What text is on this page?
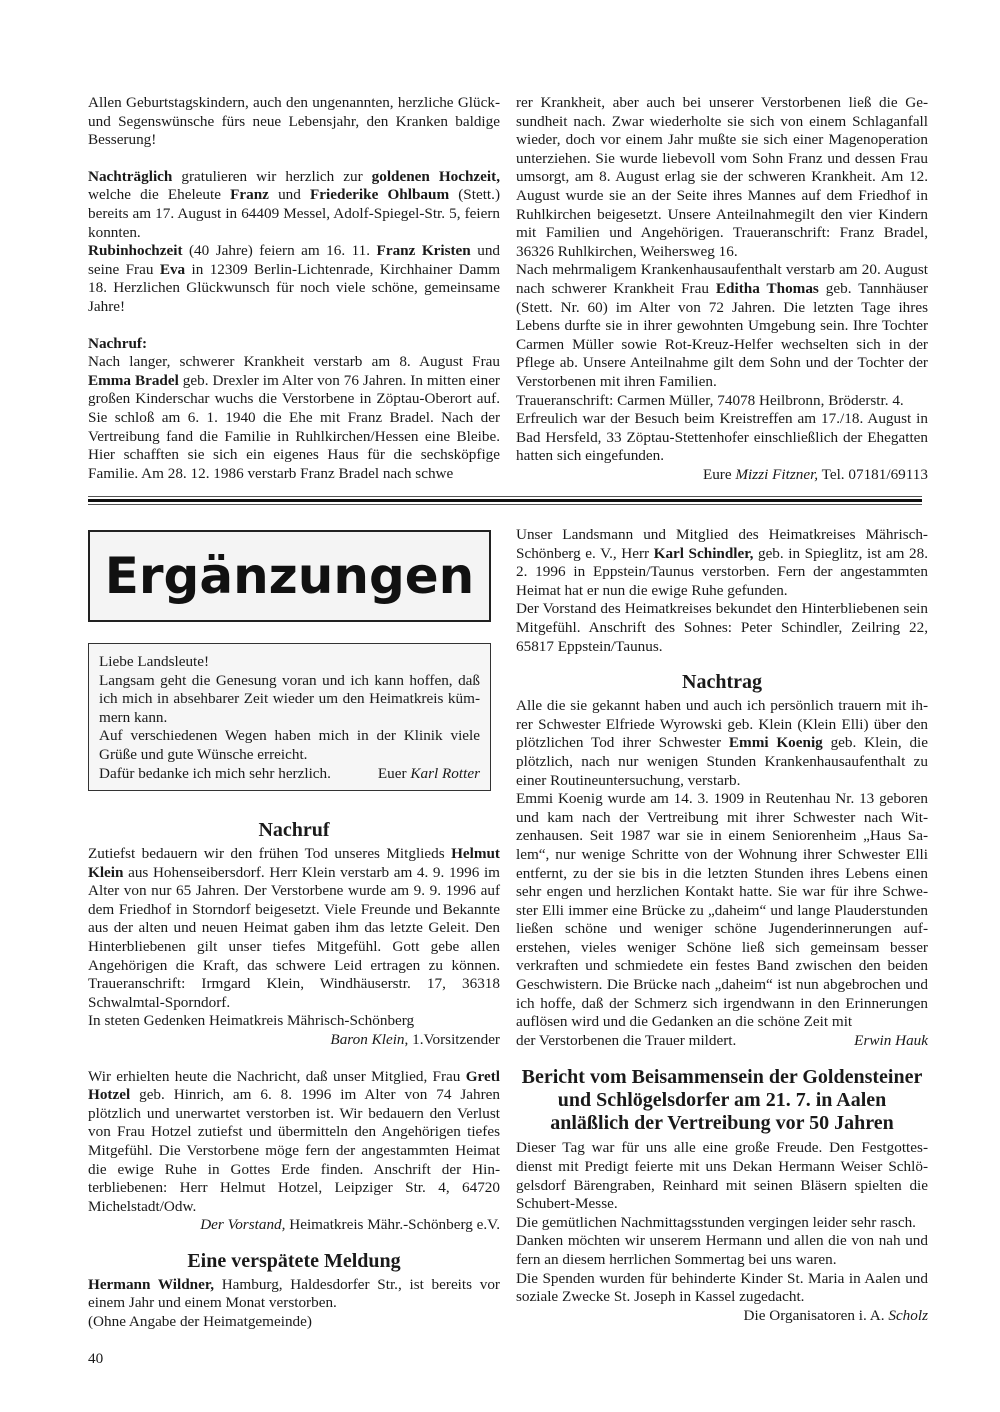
Allen Geburtstagskindern, auch den ungenannten, herzliche Glück- und Segenswünsche fürs neue Lebensjahr, den Kranken baldige Besserung!

Nachträglich gratulieren wir herzlich zur goldenen Hochzeit, welche die Eheleute Franz und Friederike Ohlbaum (Stett.) bereits am 17. August in 64409 Messel, Adolf-Spiegel-Str. 5, feiern konnten.

Rubinhochzeit (40 Jahre) feiern am 16. 11. Franz Kristen und seine Frau Eva in 12309 Berlin-Lichtenrade, Kirchhainer Damm 18. Herzlichen Glückwunsch für noch viele schöne, gemeinsame Jahre!

Nachruf:

Nach langer, schwerer Krankheit verstarb am 8. August Frau Emma Bradel geb. Drexler im Alter von 76 Jahren. In mitten einer großen Kinderschar wuchs die Verstorbene in Zöptau-Oberort auf. Sie schloß am 6. 1. 1940 die Ehe mit Franz Bradel. Nach der Vertreibung fand die Familie in Ruhlkirchen/Hessen eine Bleibe. Hier schafften sie sich ein eigenes Haus für die sechsköpfige Familie. Am 28. 12. 1986 verstarb Franz Bradel nach schwe

rer Krankheit, aber auch bei unserer Verstorbenen ließ die Gesundheit nach. Zwar wiederholte sie sich von einem Schlaganfall wieder, doch vor einem Jahr mußte sie sich einer Magenoperation unterziehen. Sie wurde liebevoll vom Sohn Franz und dessen Frau umsorgt, am 8. August erlag sie der schweren Krankheit. Am 12. August wurde sie an der Seite ihres Mannes auf dem Friedhof in Ruhlkirchen beigesetzt. Unsere Anteilnahmegilt den vier Kindern mit Familien und Angehörigen. Traueranschrift: Franz Bradel, 36326 Ruhlkirchen, Weihersweg 16.

Nach mehrmaligem Krankenhausaufenthalt verstarb am 20. August nach schwerer Krankheit Frau Editha Thomas geb. Tannhäuser (Stett. Nr. 60) im Alter von 72 Jahren. Die letzten Tage ihres Lebens durfte sie in ihrer gewohnten Umgebung sein. Ihre Tochter Carmen Müller sowie Rot-Kreuz-Helfer wechselten sich in der Pflege ab. Unsere Anteilnahme gilt dem Sohn und der Tochter der Verstorbenen mit ihren Familien.

Traueranschrift: Carmen Müller, 74078 Heilbronn, Bröderstr. 4.

Erfreulich war der Besuch beim Kreistreffen am 17./18. August in Bad Hersfeld, 33 Zöptau-Stettenhofer einschließlich der Ehegatten hatten sich eingefunden.

Eure Mizzi Fitzner, Tel. 07181/69113

Ergänzungen

Liebe Landsleute!

Langsam geht die Genesung voran und ich kann hoffen, daß ich mich in absehbarer Zeit wieder um den Heimatkreis kümmern kann.

Auf verschiedenen Wegen haben mich in der Klinik viele Grüße und gute Wünsche erreicht.

Dafür bedanke ich mich sehr herzlich.	Euer Karl Rotter
Nachruf

Zutiefst bedauern wir den frühen Tod unseres Mitglieds Helmut Klein aus Hohenseibersdorf. Herr Klein verstarb am 4. 9. 1996 im Alter von nur 65 Jahren. Der Verstorbene wurde am 9. 9. 1996 auf dem Friedhof in Storndorf beigesetzt. Viele Freunde und Bekannte aus der alten und neuen Heimat gaben ihm das letzte Geleit. Den Hinterbliebenen gilt unser tiefes Mitgefühl. Gott gebe allen Angehörigen die Kraft, das schwere Leid ertragen zu können. Traueranschrift: Irmgard Klein, Windhäuserstr. 17, 36318 Schwalmtal-Sporndorf.

In steten Gedenken Heimatkreis Mährisch-Schönberg

Baron Klein, 1.Vorsitzender

Wir erhielten heute die Nachricht, daß unser Mitglied, Frau Gretl Hotzel geb. Hinrich, am 6. 8. 1996 im Alter von 74 Jahren plötzlich und unerwartet verstorben ist. Wir bedauern den Verlust von Frau Hotzel zutiefst und übermitteln den Angehörigen tiefes Mitgefühl. Die Verstorbene möge fern der angestammten Heimat die ewige Ruhe in Gottes Erde finden. Anschrift der Hinterbliebenen: Herr Helmut Hotzel, Leipziger Str. 4, 64720 Michelstadt/Odw.

Der Vorstand, Heimatkreis Mähr.-Schönberg e.V.

Eine verspätete Meldung

Hermann Wildner, Hamburg, Haldesdorfer Str., ist bereits vor einem Jahr und einem Monat verstorben.

(Ohne Angabe der Heimatgemeinde)

Unser Landsmann und Mitglied des Heimatkreises Mährisch-Schönberg e. V., Herr Karl Schindler, geb. in Spieglitz, ist am 28. 2. 1996 in Eppstein/Taunus verstorben. Fern der angestammten Heimat hat er nun die ewige Ruhe gefunden.

Der Vorstand des Heimatkreises bekundet den Hinterbliebenen sein Mitgefühl. Anschrift des Sohnes: Peter Schindler, Zeilring 22, 65817 Eppstein/Taunus.

Nachtrag

Alle die sie gekannt haben und auch ich persönlich trauern mit ihrer Schwester Elfriede Wyrowski geb. Klein (Klein Elli) über den plötzlichen Tod ihrer Schwester Emmi Koenig geb. Klein, die plötzlich, nach nur wenigen Stunden Krankenhausaufenthalt zu einer Routineuntersuchung, verstarb.

Emmi Koenig wurde am 14. 3. 1909 in Reutenhau Nr. 13 geboren und kam nach der Vertreibung mit ihrer Schwester nach Witzenhausen. Seit 1987 war sie in einem Seniorenheim „Haus Salem“, nur wenige Schritte von der Wohnung ihrer Schwester Elli entfernt, zu der sie bis in die letzten Stunden ihres Lebens einen sehr engen und herzlichen Kontakt hatte. Sie war für ihre Schwester Elli immer eine Brücke zu „daheim“ und lange Plauderstunden ließen schöne und weniger schöne Jugenderinnerungen auferstehen, vieles weniger Schöne ließ sich gemeinsam besser verkraften und schmiedete ein festes Band zwischen den beiden Geschwistern. Die Brücke nach „daheim“ ist nun abgebrochen und ich hoffe, daß der Schmerz sich irgendwann in den Erinnerungen auflösen wird und die Gedanken an die schöne Zeit mit

der Verstorbenen die Trauer mildert.	Erwin Hauk
Bericht vom Beisammensein der Goldensteiner und Schlögelsdorfer am 21. 7. in Aalen anläßlich der Vertreibung vor 50 Jahren

Dieser Tag war für uns alle eine große Freude. Den Festgottesdienst mit Predigt feierte mit uns Dekan Hermann Weiser Schlögelsdorf Bärengraben, Reinhard mit seinen Bläsern spielten die Schubert-Messe.

Die gemütlichen Nachmittagsstunden vergingen leider sehr rasch.

Danken möchten wir unserem Hermann und allen die von nah und fern an diesem herrlichen Sommertag bei uns waren.

Die Spenden wurden für behinderte Kinder St. Maria in Aalen und soziale Zwecke St. Joseph in Kassel zugedacht.

Die Organisatoren i. A. Scholz

40
